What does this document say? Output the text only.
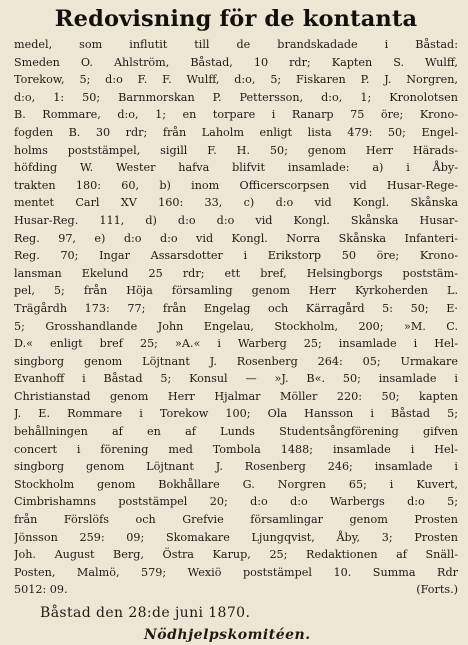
Redovisning för de kontanta
medel, som influtit till de brandskadade i Båstad:
Smeden O. Ahlström, Båstad, 10 rdr; Kapten S. Wulff,
Torekow, 5; d:o F. F. Wulff, d:o, 5; Fiskaren P. J. Norgren,
d:o, 1: 50; Barnmorskan P. Pettersson, d:o, 1; Kronolotsen
B. Rommare, d:o, 1; en torpare i Ranarp 75 öre; Krono-
fogden B. 30 rdr; från Laholm enligt lista 479: 50; Engel-
holms poststämpel, sigill F. H. 50; genom Herr Härads-
höfding W. Wester hafva blifvit insamlade: a) i Åby-
trakten 180: 60, b) inom Officerscorpsen vid Husar-Rege-
mentet Carl XV 160: 33, c) d:o vid Kongl. Skånska
Husar-Reg. 111, d) d:o d:o vid Kongl. Skånska Husar-
Reg. 97, e) d:o d:o vid Kongl. Norra Skånska Infanteri-
Reg. 70; Ingar Assarsdotter i Erikstorp 50 öre; Krono-
lansman Ekelund 25 rdr; ett bref, Helsingborgs poststäm-
pel, 5; från Höja församling genom Herr Kyrkoherden L.
Trägårdh 173: 77; från Engelag och Kärragård 5: 50; E·
5; Grosshandlande John Engelau, Stockholm, 200; »M. C.
D.« enligt bref 25; »A.« i Warberg 25; insamlade i Hel-
singborg genom Löjtnant J. Rosenberg 264: 05; Urmakare
Evanhoff i Båstad 5; Konsul — »J. B«. 50; insamlade i
Christianstad genom Herr Hjalmar Möller 220: 50; kapten
J. E. Rommare i Torekow 100; Ola Hansson i Båstad 5;
behållningen af en af Lunds Studentsångförening gifven
concert i förening med Tombola 1488; insamlade i Hel-
singborg genom Löjtnant J. Rosenberg 246; insamlade i
Stockholm genom Bokhållare G. Norgren 65; i Kuvert,
Cimbrishamns poststämpel 20; d:o d:o Warbergs d:o 5;
från Förslöfs och Grefvie församlingar genom Prosten
Jönsson 259: 09; Skomakare Ljungqvist, Åby, 3; Prosten
Joh. August Berg, Östra Karup, 25; Redaktionen af Snäll-
Posten, Malmö, 579; Wexiö poststämpel 10. Summa Rdr
5012: 09.	(Forts.)
Båstad den 28:de juni 1870.
Nödhjelpskomitéen.
